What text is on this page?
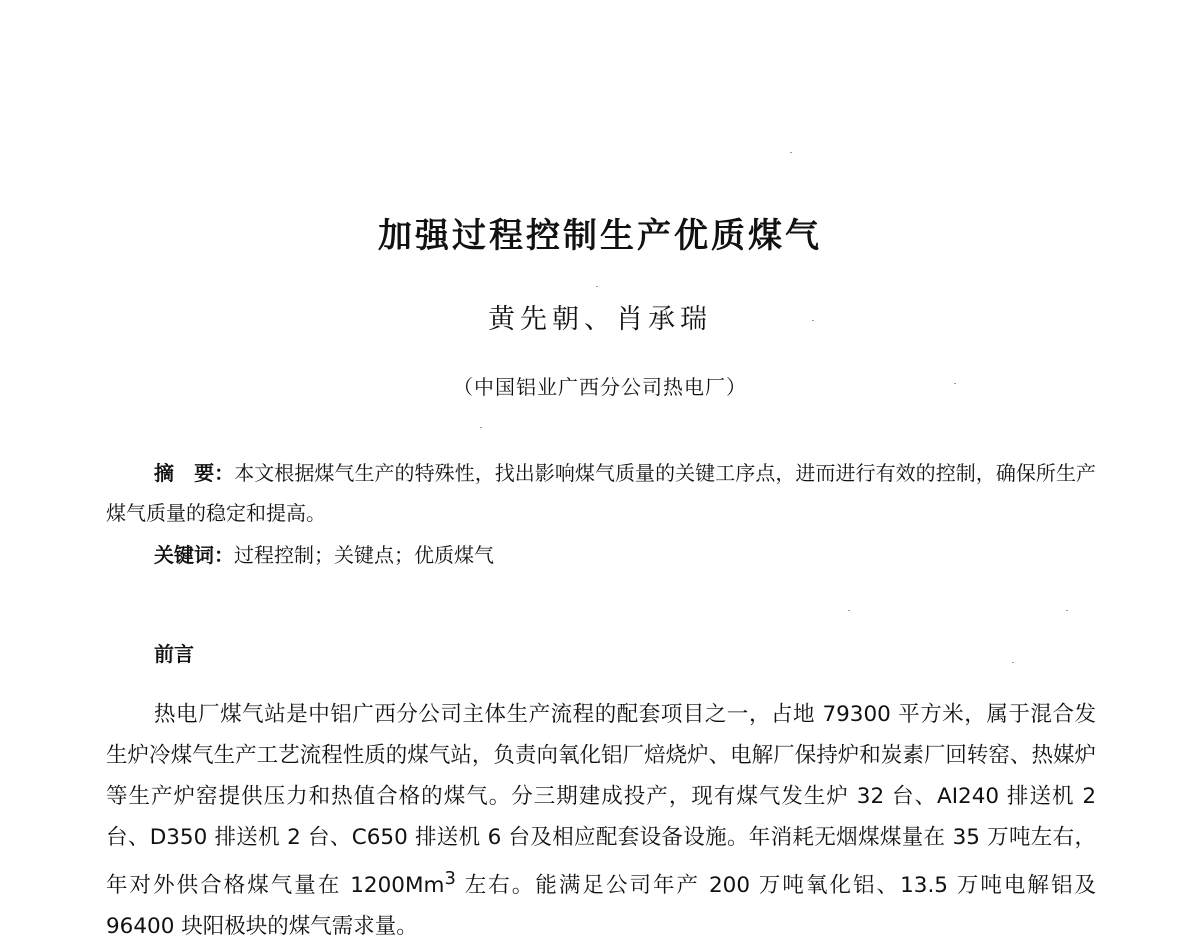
加强过程控制生产优质煤气
黄先朝、肖承瑞
（中国铝业广西分公司热电厂）

摘　要：本文根据煤气生产的特殊性，找出影响煤气质量的关键工序点，进而进行有效的控制，确保所生产煤气质量的稳定和提高。

关键词：过程控制；关键点；优质煤气

前言

热电厂煤气站是中铝广西分公司主体生产流程的配套项目之一，占地 79300 平方米，属于混合发生炉冷煤气生产工艺流程性质的煤气站，负责向氧化铝厂焙烧炉、电解厂保持炉和炭素厂回转窑、热媒炉等生产炉窑提供压力和热值合格的煤气。分三期建成投产，现有煤气发生炉 32 台、AI240 排送机 2 台、D350 排送机 2 台、C650 排送机 6 台及相应配套设备设施。年消耗无烟煤煤量在 35 万吨左右，年对外供合格煤气量在 1200Mm$^3$ 左右。能满足公司年产 200 万吨氧化铝、13.5 万吨电解铝及 96400 块阳极块的煤气需求量。
